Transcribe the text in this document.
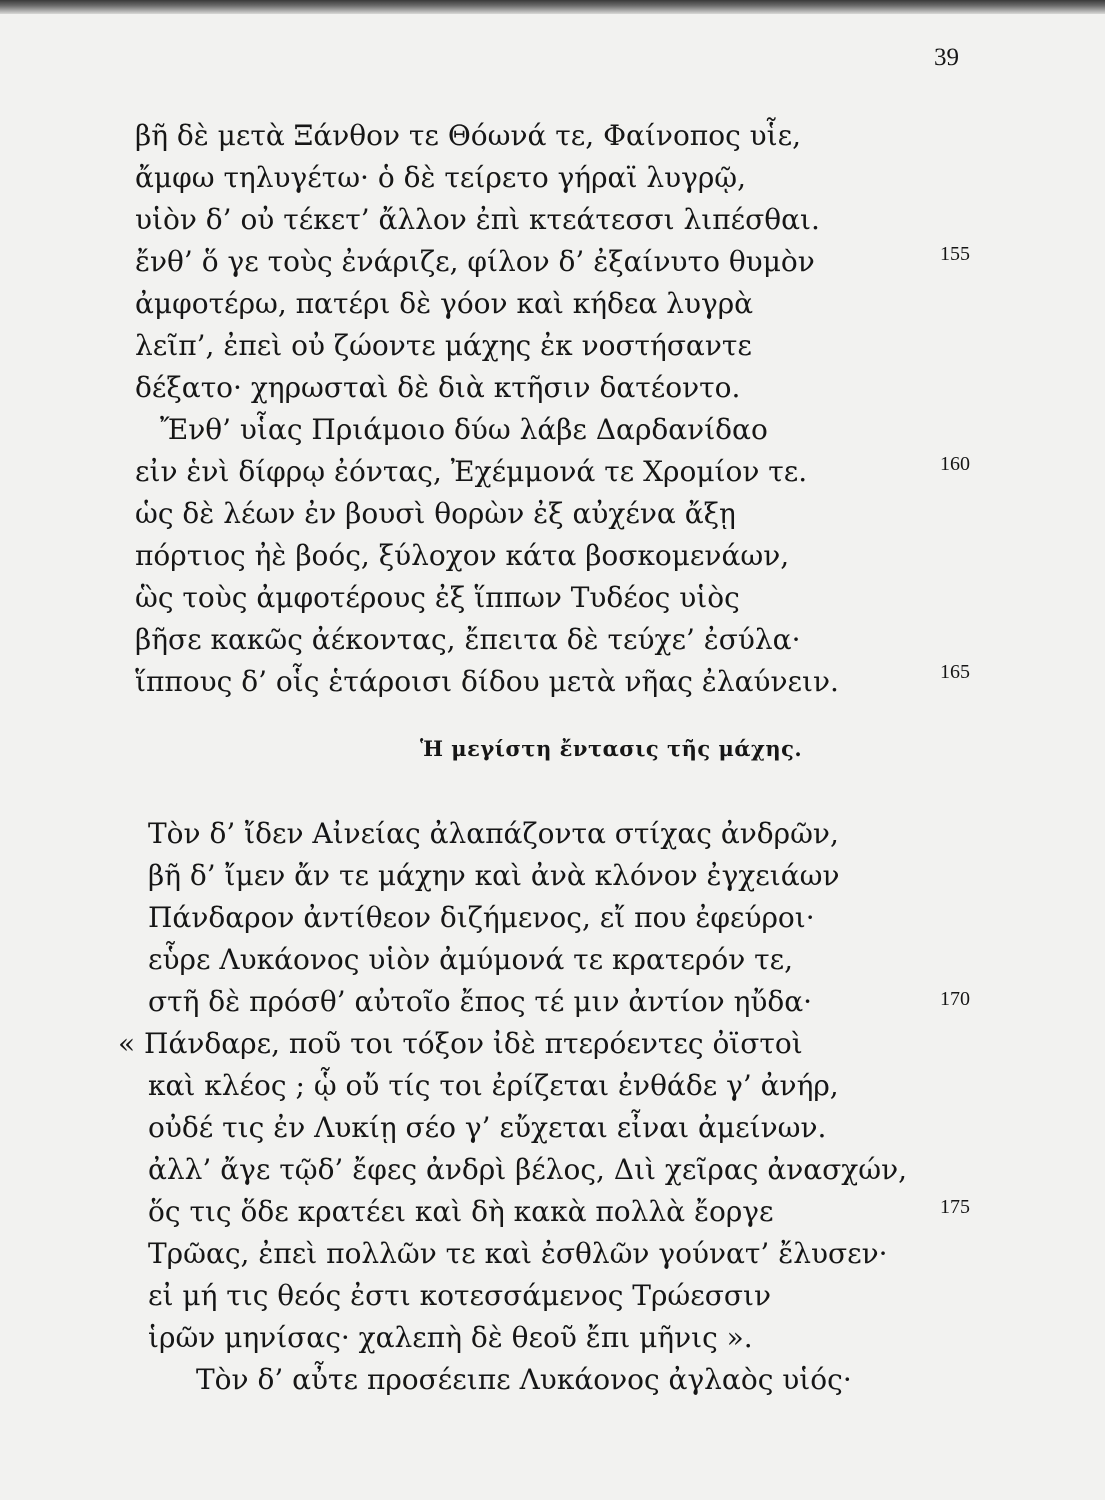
39
βῆ δὲ μετὰ Ξάνθον τε Θόωνά τε, Φαίνοπος υἷε,
ἄμφω τηλυγέτω· ὁ δὲ τείρετο γήραϊ λυγρῷ,
υἱὸν δ’ οὐ τέκετ’ ἄλλον ἐπὶ κτεάτεσσι λιπέσθαι.
ἔνθ’ ὅ γε τοὺς ἐνάριζε, φίλον δ’ ἐξαίνυτο θυμὸν
ἀμφοτέρω, πατέρι δὲ γόον καὶ κήδεα λυγρὰ
λεῖπ’, ἐπεὶ οὐ ζώοντε μάχης ἐκ νοστήσαντε
δέξατο· χηρωσταὶ δὲ διὰ κτῆσιν δατέοντο.
Ἔνθ’ υἷας Πριάμοιο δύω λάβε Δαρδανίδαο
εἰν ἑνὶ δίφρῳ ἐόντας, Ἐχέμμονά τε Χρομίον τε.
ὡς δὲ λέων ἐν βουσὶ θορὼν ἐξ αὐχένα ἄξῃ
πόρτιος ἠὲ βοός, ξύλοχον κάτα βοσκομενάων,
ὣς τοὺς ἀμφοτέρους ἐξ ἵππων Τυδέος υἱὸς
βῆσε κακῶς ἀέκοντας, ἔπειτα δὲ τεύχε’ ἐσύλα·
ἵππους δ’ οἷς ἑτάροισι δίδου μετὰ νῆας ἐλαύνειν.
155
160
165
Ἡ μεγίστη ἔντασις τῆς μάχης.
Τὸν δ’ ἴδεν Αἰνείας ἀλαπάζοντα στίχας ἀνδρῶν,
βῆ δ’ ἴμεν ἄν τε μάχην καὶ ἀνὰ κλόνον ἐγχειάων
Πάνδαρον ἀντίθεον διζήμενος, εἴ που ἐφεύροι·
εὗρε Λυκάονος υἱὸν ἀμύμονά τε κρατερόν τε,
στῆ δὲ πρόσθ’ αὐτοῖο ἔπος τέ μιν ἀντίον ηὔδα·
« Πάνδαρε, ποῦ τοι τόξον ἰδὲ πτερόεντες ὀϊστοὶ
καὶ κλέος ; ᾧ οὔ τίς τοι ἐρίζεται ἐνθάδε γ’ ἀνήρ,
οὐδέ τις ἐν Λυκίῃ σέο γ’ εὔχεται εἶναι ἀμείνων.
ἀλλ’ ἄγε τῷδ’ ἔφες ἀνδρὶ βέλος, Διὶ χεῖρας ἀνασχών,
ὅς τις ὅδε κρατέει καὶ δὴ κακὰ πολλὰ ἔοργε
Τρῶας, ἐπεὶ πολλῶν τε καὶ ἐσθλῶν γούνατ’ ἔλυσεν·
εἰ μή τις θεός ἐστι κοτεσσάμενος Τρώεσσιν
ἱρῶν μηνίσας· χαλεπὴ δὲ θεοῦ ἔπι μῆνις ».
Τὸν δ’ αὖτε προσέειπε Λυκάονος ἀγλαὸς υἱός·
170
175
